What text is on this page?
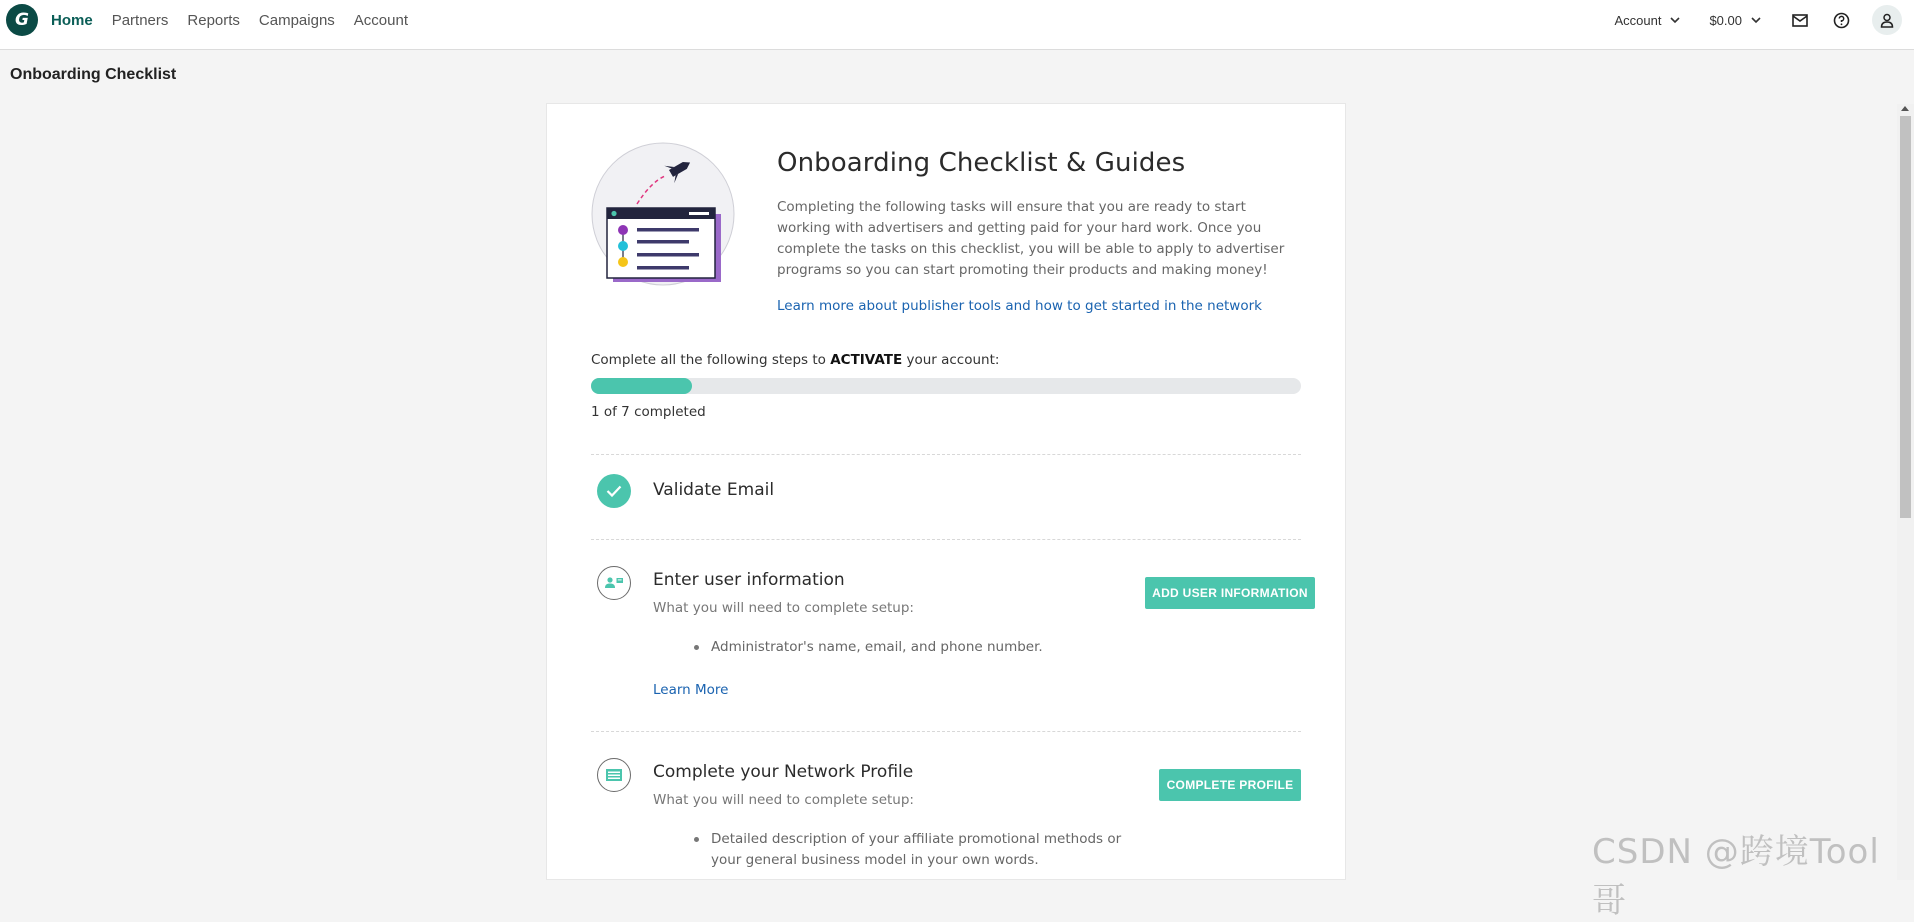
G Home Partners Reports Campaigns Account	Account	$0.00
Onboarding Checklist
Onboarding Checklist & Guides
Completing the following tasks will ensure that you are ready to start working with advertisers and getting paid for your hard work. Once you complete the tasks on this checklist, you will be able to apply to advertiser programs so you can start promoting their products and making money!
Learn more about publisher tools and how to get started in the network
Complete all the following steps to ACTIVATE your account:
1 of 7 completed
Validate Email
Enter user information
What you will need to complete setup:
Administrator's name, email, and phone number.
Learn More
ADD USER INFORMATION
Complete your Network Profile
What you will need to complete setup:
Detailed description of your affiliate promotional methods or your general business model in your own words.
COMPLETE PROFILE
CSDN @跨境Tool哥
